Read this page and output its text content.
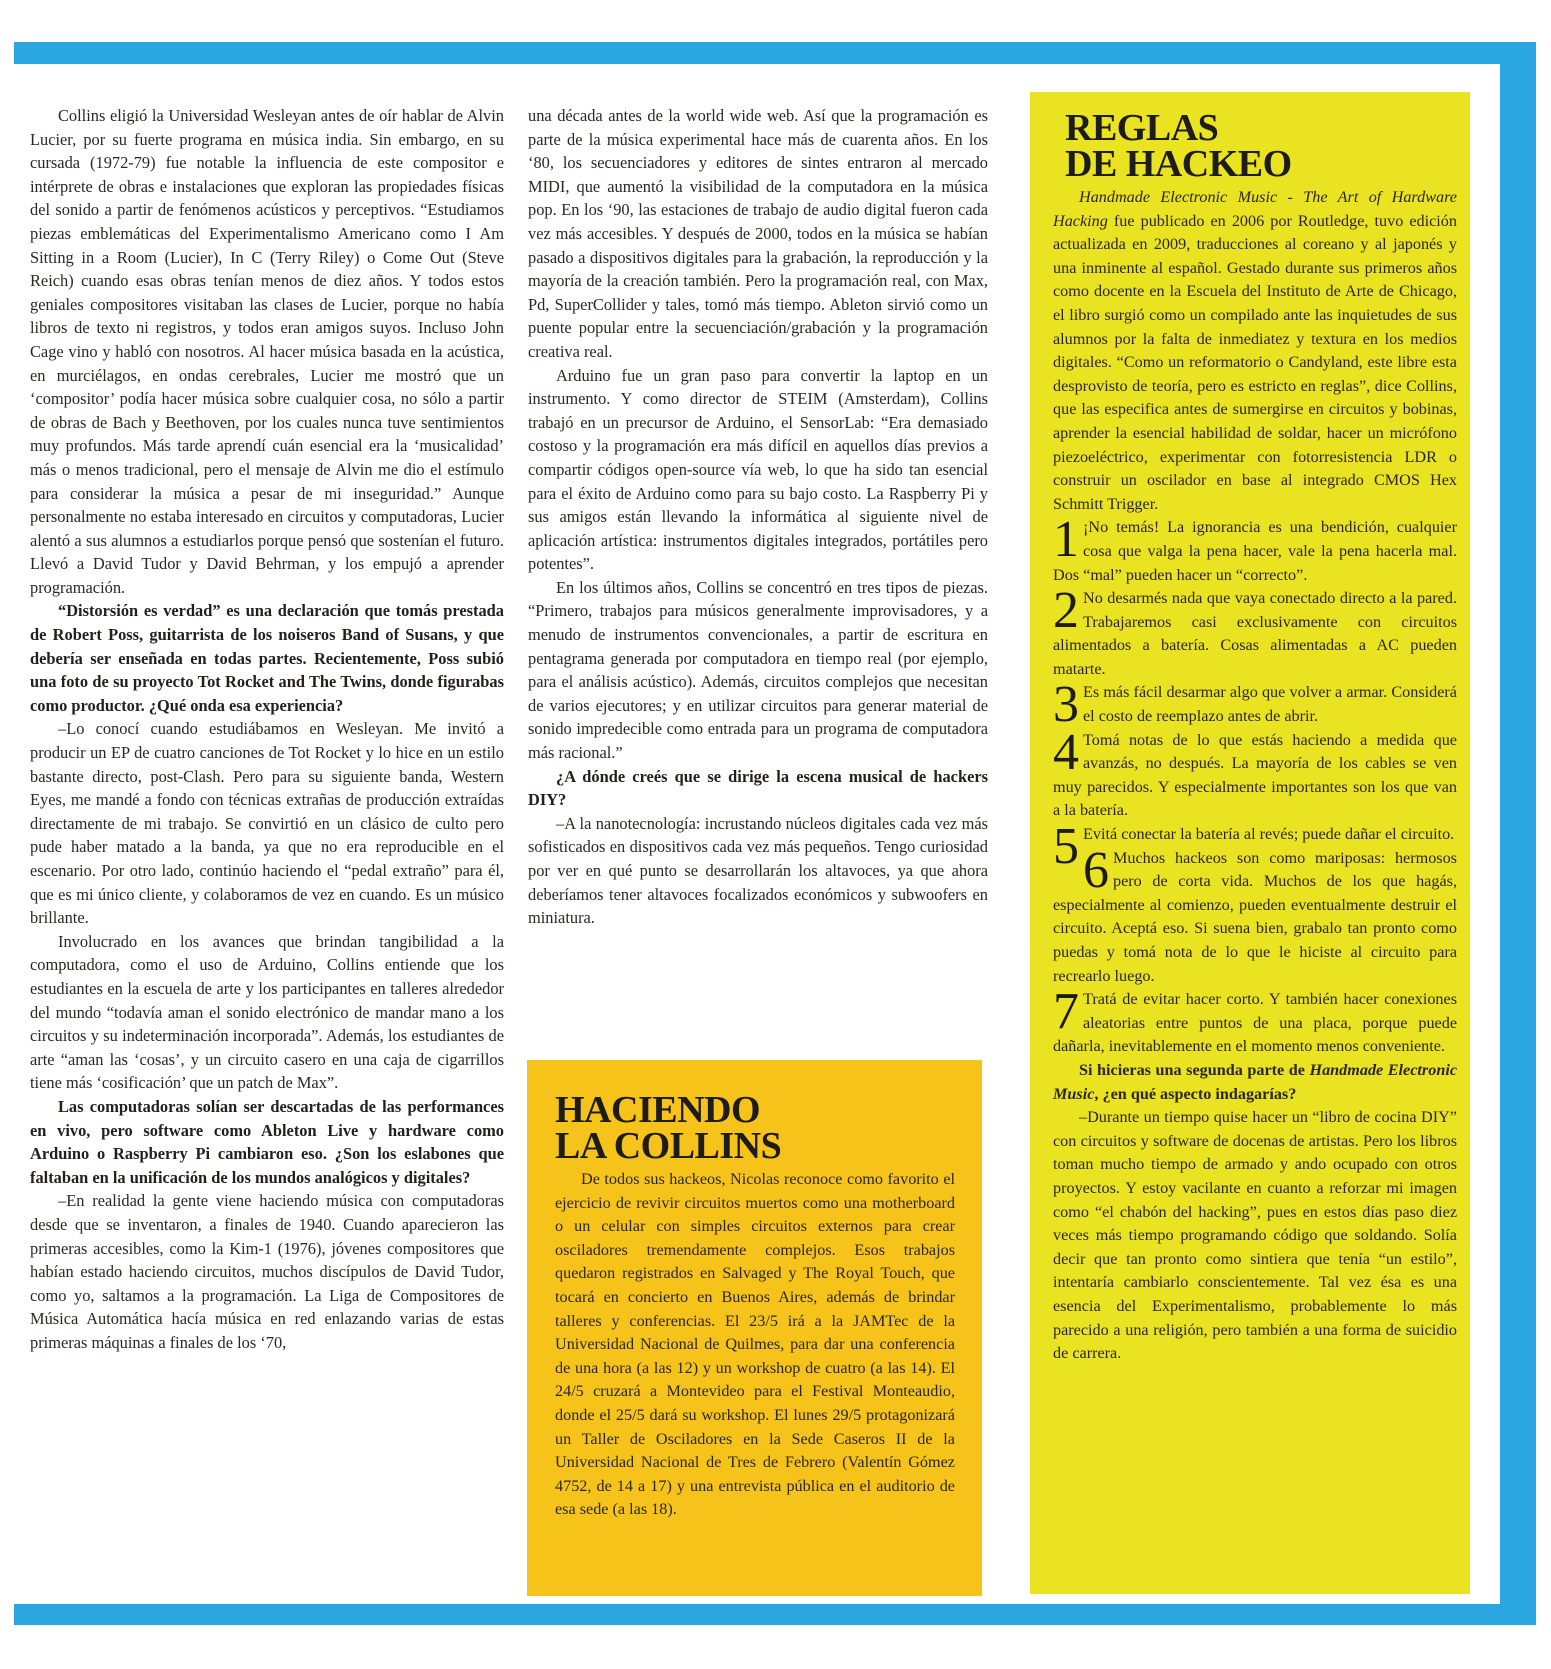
Collins eligió la Universidad Wesleyan antes de oír hablar de Alvin Lucier, por su fuerte programa en música india. Sin embargo, en su cursada (1972-79) fue notable la influencia de este compositor e intérprete de obras e instalaciones que exploran las propiedades físicas del sonido a partir de fenómenos acústicos y perceptivos. “Estudiamos piezas emblemáticas del Experimentalismo Americano como I Am Sitting in a Room (Lucier), In C (Terry Riley) o Come Out (Steve Reich) cuando esas obras tenían menos de diez años. Y todos estos geniales compositores visitaban las clases de Lucier, porque no había libros de texto ni registros, y todos eran amigos suyos. Incluso John Cage vino y habló con nosotros. Al hacer música basada en la acústica, en murciélagos, en ondas cerebrales, Lucier me mostró que un ‘compositor’ podía hacer música sobre cualquier cosa, no sólo a partir de obras de Bach y Beethoven, por los cuales nunca tuve sentimientos muy profundos. Más tarde aprendí cuán esencial era la ‘musicalidad’ más o menos tradicional, pero el mensaje de Alvin me dio el estímulo para considerar la música a pesar de mi inseguridad.” Aunque personalmente no estaba interesado en circuitos y computadoras, Lucier alentó a sus alumnos a estudiarlos porque pensó que sostenían el futuro. Llevó a David Tudor y David Behrman, y los empujó a aprender programación.

“Distorsión es verdad” es una declaración que tomás prestada de Robert Poss, guitarrista de los noiseros Band of Susans, y que debería ser enseñada en todas partes. Recientemente, Poss subió una foto de su proyecto Tot Rocket and The Twins, donde figurabas como productor. ¿Qué onda esa experiencia?

–Lo conocí cuando estudiábamos en Wesleyan. Me invitó a producir un EP de cuatro canciones de Tot Rocket y lo hice en un estilo bastante directo, post-Clash. Pero para su siguiente banda, Western Eyes, me mandé a fondo con técnicas extrañas de producción extraídas directamente de mi trabajo. Se convirtió en un clásico de culto pero pude haber matado a la banda, ya que no era reproducible en el escenario. Por otro lado, continúo haciendo el “pedal extraño” para él, que es mi único cliente, y colaboramos de vez en cuando. Es un músico brillante.

Involucrado en los avances que brindan tangibilidad a la computadora, como el uso de Arduino, Collins entiende que los estudiantes en la escuela de arte y los participantes en talleres alrededor del mundo “todavía aman el sonido electrónico de mandar mano a los circuitos y su indeterminación incorporada”. Además, los estudiantes de arte “aman las ‘cosas’, y un circuito casero en una caja de cigarrillos tiene más ‘cosificación’ que un patch de Max”.

Las computadoras solían ser descartadas de las performances en vivo, pero software como Ableton Live y hardware como Arduino o Raspberry Pi cambiaron eso. ¿Son los eslabones que faltaban en la unificación de los mundos analógicos y digitales?

–En realidad la gente viene haciendo música con computadoras desde que se inventaron, a finales de 1940. Cuando aparecieron las primeras accesibles, como la Kim-1 (1976), jóvenes compositores que habían estado haciendo circuitos, muchos discípulos de David Tudor, como yo, saltamos a la programación. La Liga de Compositores de Música Automática hacía música en red enlazando varias de estas primeras máquinas a finales de los ‘70,

una década antes de la world wide web. Así que la programación es parte de la música experimental hace más de cuarenta años. En los ‘80, los secuenciadores y editores de sintes entraron al mercado MIDI, que aumentó la visibilidad de la computadora en la música pop. En los ‘90, las estaciones de trabajo de audio digital fueron cada vez más accesibles. Y después de 2000, todos en la música se habían pasado a dispositivos digitales para la grabación, la reproducción y la mayoría de la creación también. Pero la programación real, con Max, Pd, SuperCollider y tales, tomó más tiempo. Ableton sirvió como un puente popular entre la secuenciación/grabación y la programación creativa real.

Arduino fue un gran paso para convertir la laptop en un instrumento. Y como director de STEIM (Amsterdam), Collins trabajó en un precursor de Arduino, el SensorLab: “Era demasiado costoso y la programación era más difícil en aquellos días previos a compartir códigos open-source vía web, lo que ha sido tan esencial para el éxito de Arduino como para su bajo costo. La Raspberry Pi y sus amigos están llevando la informática al siguiente nivel de aplicación artística: instrumentos digitales integrados, portátiles pero potentes”.

En los últimos años, Collins se concentró en tres tipos de piezas. “Primero, trabajos para músicos generalmente improvisadores, y a menudo de instrumentos convencionales, a partir de escritura en pentagrama generada por computadora en tiempo real (por ejemplo, para el análisis acústico). Además, circuitos complejos que necesitan de varios ejecutores; y en utilizar circuitos para generar material de sonido impredecible como entrada para un programa de computadora más racional.”

¿A dónde creés que se dirige la escena musical de hackers DIY?

–A la nanotecnología: incrustando núcleos digitales cada vez más sofisticados en dispositivos cada vez más pequeños. Tengo curiosidad por ver en qué punto se desarrollarán los altavoces, ya que ahora deberíamos tener altavoces focalizados económicos y subwoofers en miniatura.

HACIENDO
LA COLLINS

De todos sus hackeos, Nicolas reconoce como favorito el ejercicio de revivir circuitos muertos como una motherboard o un celular con simples circuitos externos para crear osciladores tremendamente complejos. Esos trabajos quedaron registrados en Salvaged y The Royal Touch, que tocará en concierto en Buenos Aires, además de brindar talleres y conferencias. El 23/5 irá a la JAMTec de la Universidad Nacional de Quilmes, para dar una conferencia de una hora (a las 12) y un workshop de cuatro (a las 14). El 24/5 cruzará a Montevideo para el Festival Monteaudio, donde el 25/5 dará su workshop. El lunes 29/5 protagonizará un Taller de Osciladores en la Sede Caseros II de la Universidad Nacional de Tres de Febrero (Valentín Gómez 4752, de 14 a 17) y una entrevista pública en el auditorio de esa sede (a las 18).

REGLAS
DE HACKEO

Handmade Electronic Music - The Art of Hardware Hacking fue publicado en 2006 por Routledge, tuvo edición actualizada en 2009, traducciones al coreano y al japonés y una inminente al español. Gestado durante sus primeros años como docente en la Escuela del Instituto de Arte de Chicago, el libro surgió como un compilado ante las inquietudes de sus alumnos por la falta de inmediatez y textura en los medios digitales. “Como un reformatorio o Candyland, este libre esta desprovisto de teoría, pero es estricto en reglas”, dice Collins, que las especifica antes de sumergirse en circuitos y bobinas, aprender la esencial habilidad de soldar, hacer un micrófono piezoeléctrico, experimentar con fotorresistencia LDR o construir un oscilador en base al integrado CMOS Hex Schmitt Trigger.

1 ¡No temás! La ignorancia es una bendición, cualquier cosa que valga la pena hacer, vale la pena hacerla mal. Dos “mal” pueden hacer un “correcto”.
2 No desarmés nada que vaya conectado directo a la pared. Trabajaremos casi exclusivamente con circuitos alimentados a batería. Cosas alimentadas a AC pueden matarte.
3 Es más fácil desarmar algo que volver a armar. Considerá el costo de reemplazo antes de abrir.
4 Tomá notas de lo que estás haciendo a medida que avanzás, no después. La mayoría de los cables se ven muy parecidos. Y especialmente importantes son los que van a la batería.
5 Evitá conectar la batería al revés; puede dañar el circuito.
6 Muchos hackeos son como mariposas: hermosos pero de corta vida. Muchos de los que hagás, especialmente al comienzo, pueden eventualmente destruir el circuito. Aceptá eso. Si suena bien, grabalo tan pronto como puedas y tomá nota de lo que le hiciste al circuito para recrearlo luego.
7 Tratá de evitar hacer corto. Y también hacer conexiones aleatorias entre puntos de una placa, porque puede dañarla, inevitablemente en el momento menos conveniente.

Si hicieras una segunda parte de Handmade Electronic Music, ¿en qué aspecto indagarías?

–Durante un tiempo quise hacer un “libro de cocina DIY” con circuitos y software de docenas de artistas. Pero los libros toman mucho tiempo de armado y ando ocupado con otros proyectos. Y estoy vacilante en cuanto a reforzar mi imagen como “el chabón del hacking”, pues en estos días paso diez veces más tiempo programando código que soldando. Solía decir que tan pronto como sintiera que tenía “un estilo”, intentaría cambiarlo conscientemente. Tal vez ésa es una esencia del Experimentalismo, probablemente lo más parecido a una religión, pero también a una forma de suicidio de carrera.
